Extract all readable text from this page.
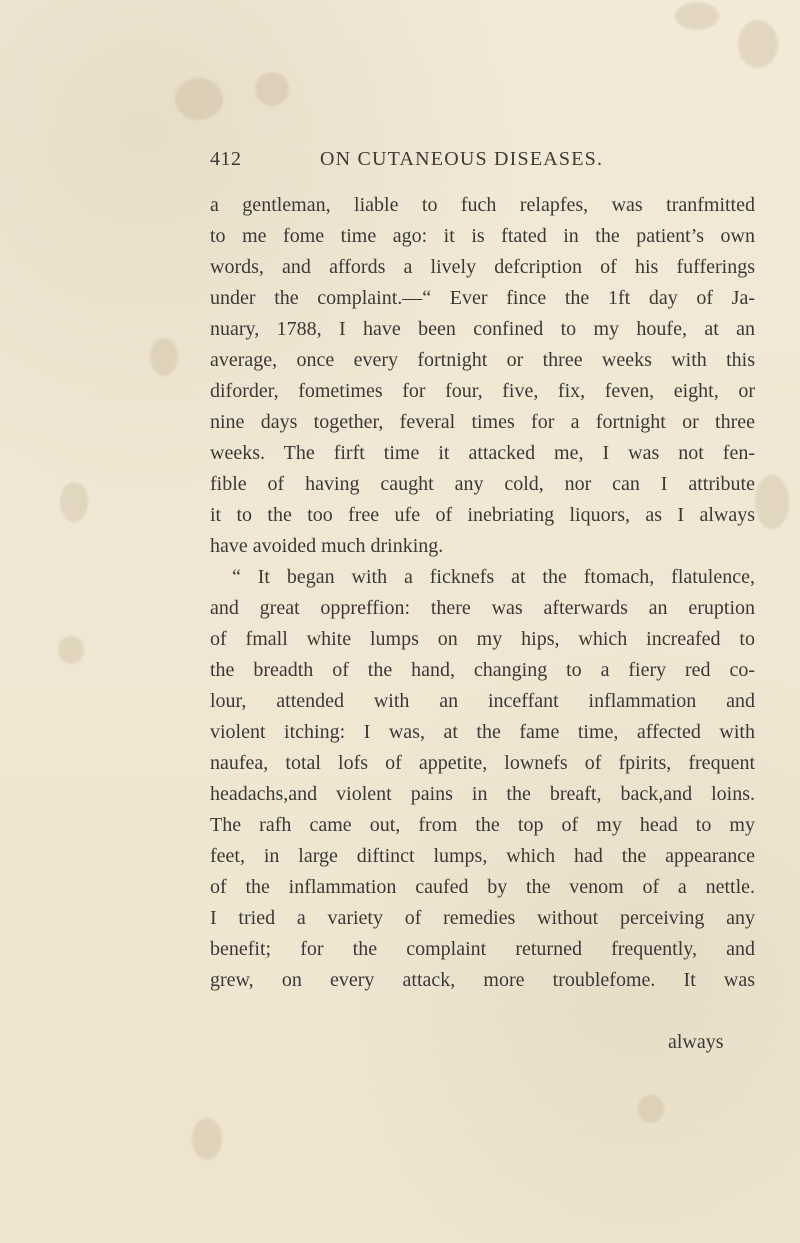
412	ON CUTANEOUS DISEASES.
a gentleman, liable to fuch relapfes, was tranfmitted
to me fome time ago: it is ftated in the patient’s own
words, and affords a lively defcription of his fufferings
under the complaint.—“ Ever fince the 1ft day of Ja-
nuary, 1788, I have been confined to my houfe, at an
average, once every fortnight or three weeks with this
diforder, fometimes for four, five, fix, feven, eight, or
nine days together, feveral times for a fortnight or three
weeks. The firft time it attacked me, I was not fen-
fible of having caught any cold, nor can I attribute
it to the too free ufe of inebriating liquors, as I always
have avoided much drinking.
“ It began with a ficknefs at the ftomach, flatulence,
and great oppreffion: there was afterwards an eruption
of fmall white lumps on my hips, which increafed to
the breadth of the hand, changing to a fiery red co-
lour, attended with an inceffant inflammation and
violent itching: I was, at the fame time, affected with
naufea, total lofs of appetite, lownefs of fpirits, frequent
headachs,and violent pains in the breaft, back,and loins.
The rafh came out, from the top of my head to my
feet, in large diftinct lumps, which had the appearance
of the inflammation caufed by the venom of a nettle.
I tried a variety of remedies without perceiving any
benefit; for the complaint returned frequently, and
grew, on every attack, more troublefome. It was
always
